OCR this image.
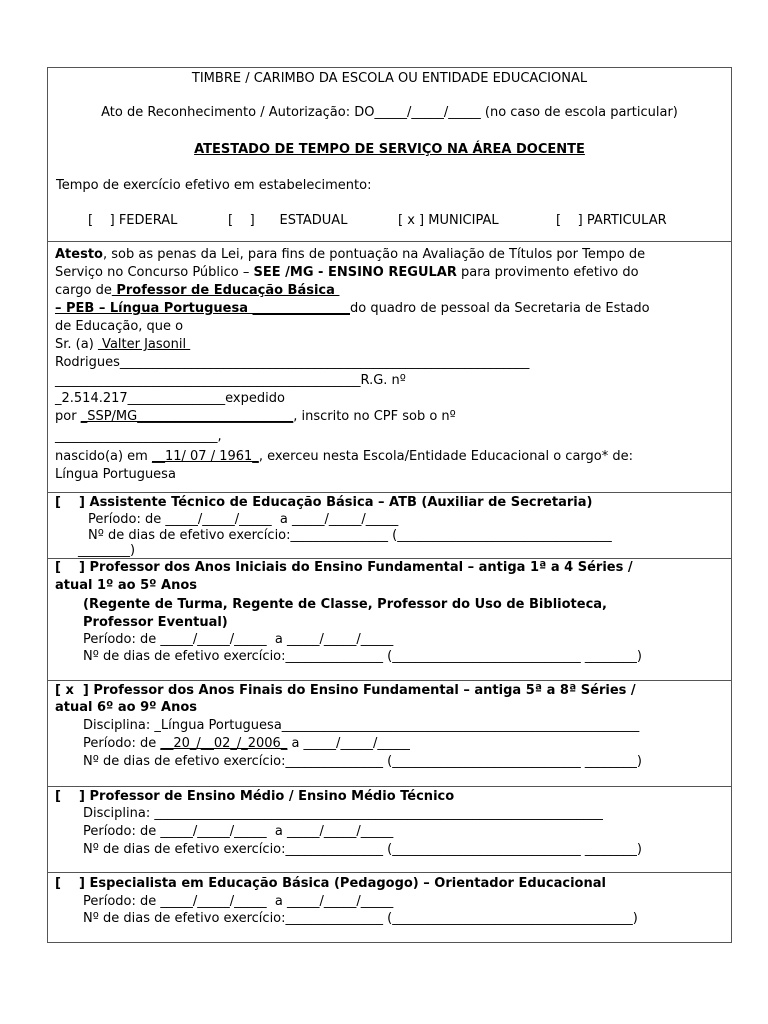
TIMBRE / CARIMBO DA ESCOLA OU ENTIDADE EDUCACIONAL
Ato de Reconhecimento / Autorização: DO_____/_____/_____ (no caso de escola particular)
ATESTADO DE TEMPO DE SERVIÇO NA ÁREA DOCENTE
Tempo de exercício efetivo em estabelecimento:
[    ] FEDERAL	[    ] ESTADUAL	[ x ] MUNICIPAL	[    ] PARTICULAR
Atesto, sob as penas da Lei, para fins de pontuação na Avaliação de Títulos por Tempo de
Serviço no Concurso Público – SEE /MG - ENSINO REGULAR para provimento efetivo do
cargo de Professor de Educação Básica
– PEB – Língua Portuguesa _______________do quadro de pessoal da Secretaria de Estado
de Educação, que o
Sr. (a)  Valter Jasonil
Rodrigues_______________________________________________________________
_______________________________________________R.G. nº
_2.514.217_______________expedido
por _SSP/MG________________________, inscrito no CPF sob o nº
_________________________,
nascido(a) em __11/ 07 / 1961_, exerceu nesta Escola/Entidade Educacional o cargo* de:
Língua Portuguesa
[    ] Assistente Técnico de Educação Básica – ATB (Auxiliar de Secretaria)
Período: de _____/_____/_____  a _____/_____/_____
Nº de dias de efetivo exercício:_______________ (_________________________________
________)
[    ] Professor dos Anos Iniciais do Ensino Fundamental – antiga 1ª a 4 Séries /
atual 1º ao 5º Anos
(Regente de Turma, Regente de Classe, Professor do Uso de Biblioteca,
Professor Eventual)
Período: de _____/_____/_____  a _____/_____/_____
Nº de dias de efetivo exercício:_______________ (_____________________________ ________)
[ x  ] Professor dos Anos Finais do Ensino Fundamental – antiga 5ª a 8ª Séries /
atual 6º ao 9º Anos
Disciplina: _Língua Portuguesa_______________________________________________________
Período: de __20_/__02_/_2006_ a _____/_____/_____
Nº de dias de efetivo exercício:_______________ (_____________________________ ________)
[    ] Professor de Ensino Médio / Ensino Médio Técnico
Disciplina: _____________________________________________________________________
Período: de _____/_____/_____  a _____/_____/_____
Nº de dias de efetivo exercício:_______________ (_____________________________ ________)
[    ] Especialista em Educação Básica (Pedagogo) – Orientador Educacional
Período: de _____/_____/_____  a _____/_____/_____
Nº de dias de efetivo exercício:_______________ (_____________________________________)
